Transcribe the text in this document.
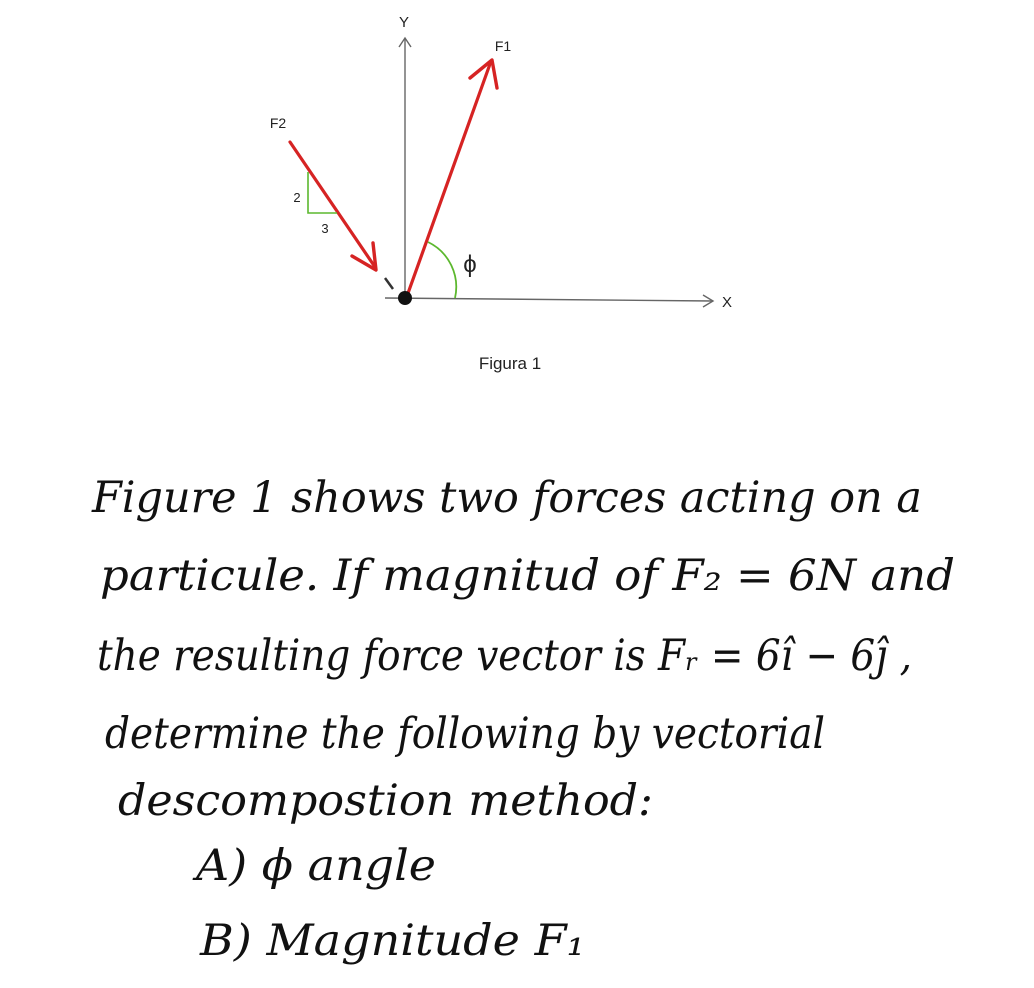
Y
X
F1
F2
2
3
ϕ
Figura 1
Figure 1 shows two forces acting on a
particule. If magnitud of F₂ = 6N and
the resulting force vector is Fᵣ = 6î − 6ĵ ,
determine the following by vectorial
descompostion method:
A) ϕ angle
B) Magnitude F₁
